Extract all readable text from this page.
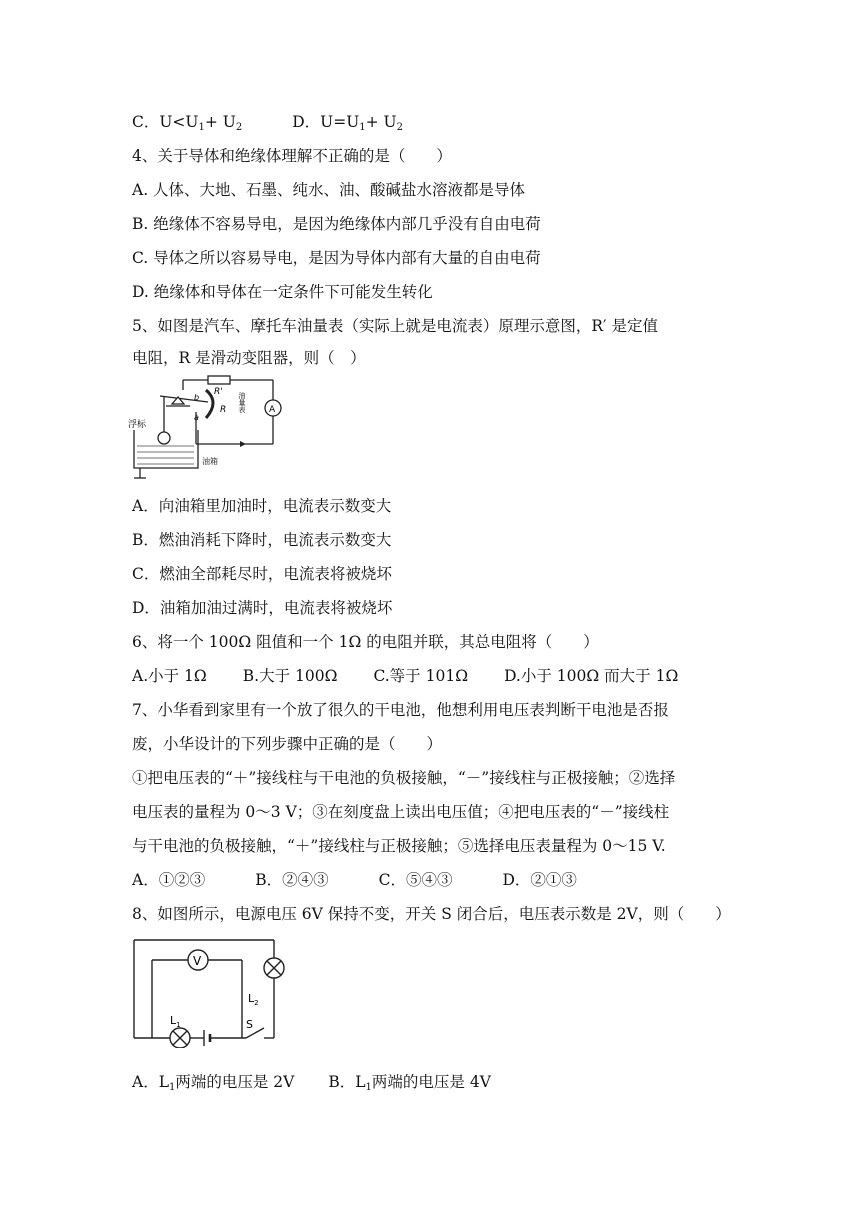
C．$U<U_1+ U_2$	D．$U=U_1+ U_2$
4、关于导体和绝缘体理解不正确的是（　　）
A. 人体、大地、石墨、纯水、油、酸碱盐水溶液都是导体
B. 绝缘体不容易导电，是因为绝缘体内部几乎没有自由电荷
C. 导体之所以容易导电，是因为导体内部有大量的自由电荷
D. 绝缘体和导体在一定条件下可能发生转化
5、如图是汽车、摩托车油量表（实际上就是电流表）原理示意图，R′ 是定值
电阻，R 是滑动变阻器，则（　）
R'
R
b
a
A
浮标
油箱
油量表
A．向油箱里加油时，电流表示数变大
B．燃油消耗下降时，电流表示数变大
C．燃油全部耗尽时，电流表将被烧坏
D．油箱加油过满时，电流表将被烧坏
6、将一个 100Ω 阻值和一个 1Ω 的电阻并联，其总电阻将（　　）
A.小于 1Ω B.大于 100Ω C.等于 101Ω D.小于 100Ω 而大于 1Ω
7、小华看到家里有一个放了很久的干电池，他想利用电压表判断干电池是否报
废，小华设计的下列步骤中正确的是（　　）
①把电压表的“＋”接线柱与干电池的负极接触，“－”接线柱与正极接触；②选择
电压表的量程为 0～3 V；③在刻度盘上读出电压值；④把电压表的“－”接线柱
与干电池的负极接触，“＋”接线柱与正极接触；⑤选择电压表量程为 0～15 V.
A．①②③	B．②④③	C．⑤④③	D．②①③
8、如图所示，电源电压 6V 保持不变，开关 S 闭合后，电压表示数是 2V，则（　　）
V
$L_1$
$L_2$
S
A．$L_1$两端的电压是 2V B．$L_1$两端的电压是 4V
